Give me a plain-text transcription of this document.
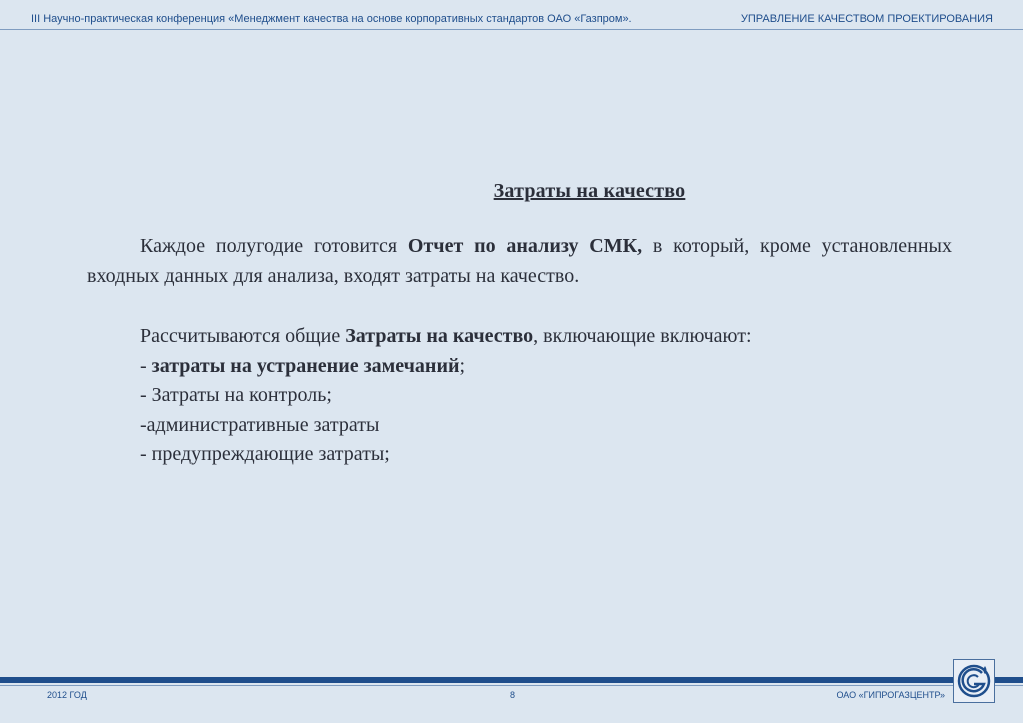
III Научно-практическая конференция «Менеджмент качества на основе корпоративных стандартов ОАО «Газпром».	УПРАВЛЕНИЕ КАЧЕСТВОМ ПРОЕКТИРОВАНИЯ
Затраты на качество
Каждое полугодие готовится Отчет по анализу СМК, в который, кроме установленных входных данных для анализа, входят затраты на качество.
Рассчитываются общие Затраты на качество, включающие включают:
- затраты на устранение замечаний;
- Затраты на контроль;
-административные затраты
- предупреждающие затраты;
2012 ГОД	8	ОАО «ГИПРОГАЗЦЕНТР»
